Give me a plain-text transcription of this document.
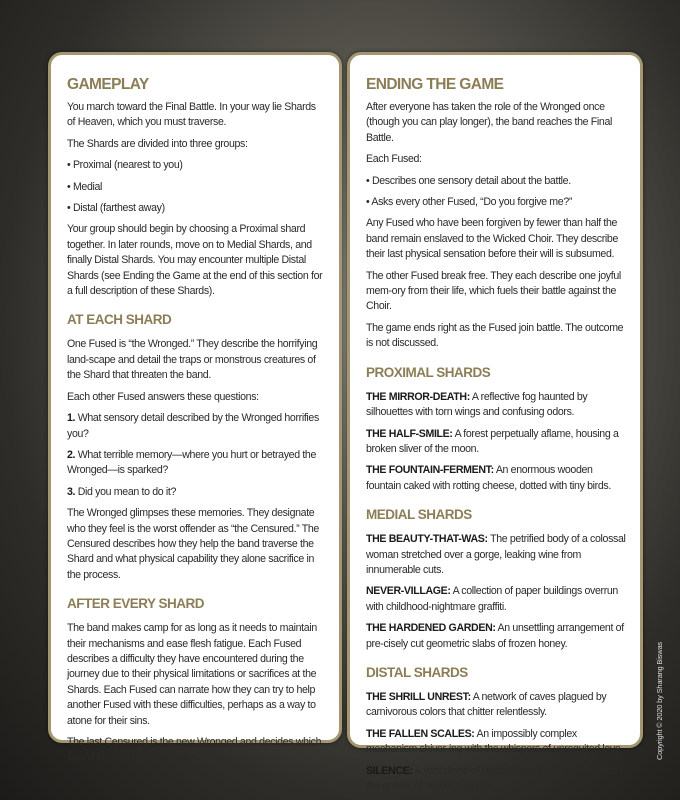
GAMEPLAY

You march toward the Final Battle. In your way lie Shards of Heaven, which you must traverse.

The Shards are divided into three groups:

• Proximal (nearest to you)

• Medial

• Distal (farthest away)

Your group should begin by choosing a Proximal shard together. In later rounds, move on to Medial Shards, and finally Distal Shards. You may encounter multiple Distal Shards (see Ending the Game at the end of this section for a full description of these Shards).

AT EACH SHARD

One Fused is “the Wronged.” They describe the horrifying land-scape and detail the traps or monstrous creatures of the Shard that threaten the band.

Each other Fused answers these questions:

1. What sensory detail described by the Wronged horrifies you?

2. What terrible memory—where you hurt or betrayed the Wronged—is sparked?

3. Did you mean to do it?

The Wronged glimpses these memories. They designate who they feel is the worst offender as “the Censured.” The Censured describes how they help the band traverse the Shard and what physical capability they alone sacrifice in the process.

AFTER EVERY SHARD

The band makes camp for as long as it needs to maintain their mechanisms and ease flesh fatigue. Each Fused describes a difficulty they have encountered during the journey due to their physical limitations or sacrifices at the Shards. Each Fused can narrate how they can try to help another Fused with these difficulties, perhaps as a way to atone for their sins.

The last Censured is the new Wronged and decides which Shard the band travels to next.

ENDING THE GAME

After everyone has taken the role of the Wronged once (though you can play longer), the band reaches the Final Battle.

Each Fused:

• Describes one sensory detail about the battle.

• Asks every other Fused, “Do you forgive me?”

Any Fused who have been forgiven by fewer than half the band remain enslaved to the Wicked Choir. They describe their last physical sensation before their will is subsumed.

The other Fused break free. They each describe one joyful mem-ory from their life, which fuels their battle against the Choir.

The game ends right as the Fused join battle. The outcome is not discussed.

PROXIMAL SHARDS

THE MIRROR-DEATH: A reflective fog haunted by silhouettes with torn wings and confusing odors.

THE HALF-SMILE: A forest perpetually aflame, housing a broken sliver of the moon.

THE FOUNTAIN-FERMENT: An enormous wooden fountain caked with rotting cheese, dotted with tiny birds.

MEDIAL SHARDS

THE BEAUTY-THAT-WAS: The petrified body of a colossal woman stretched over a gorge, leaking wine from innumerable cuts.

NEVER-VILLAGE: A collection of paper buildings overrun with childhood-nightmare graffiti.

THE HARDENED GARDEN: An unsettling arrangement of pre-cisely cut geometric slabs of frozen honey.

DISTAL SHARDS

THE SHRILL UNREST: A network of caves plagued by carnivorous colors that chitter relentlessly.

THE FALLEN SCALES: An impossibly complex mechanism shiver-ing with the whispers of unrequited love.

SILENCE: A vast plane of smooth, white marble beset with the ghosts of heretical words.

Copyright © 2020 by Sharang Biswas
